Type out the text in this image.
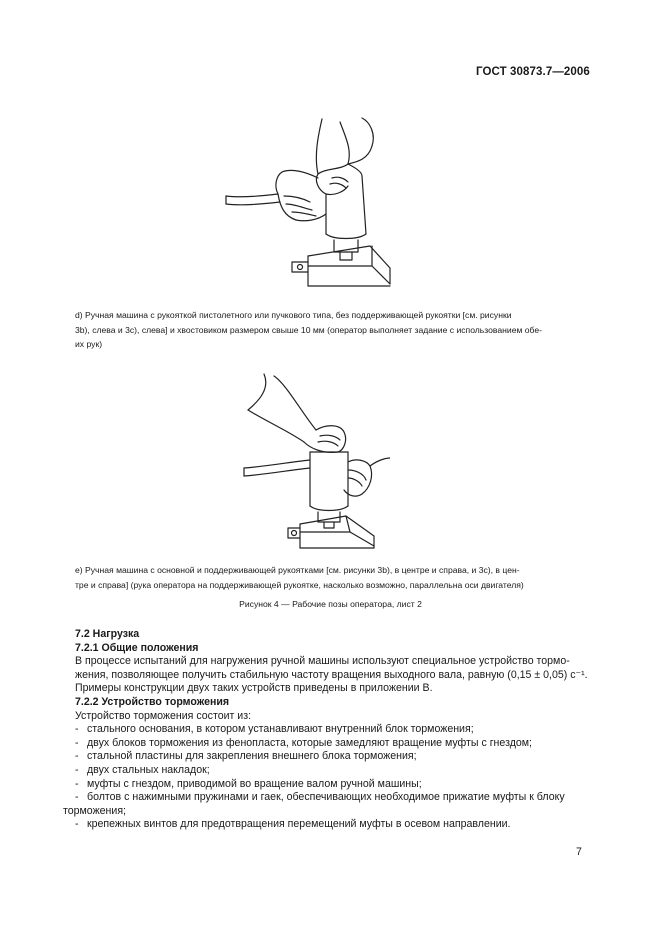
ГОСТ 30873.7—2006
d) Ручная машина с рукояткой пистолетного или пучкового типа, без поддерживающей рукоятки [см. рисунки
3b), слева и 3c), слева] и хвостовиком размером свыше 10 мм (оператор выполняет задание с использованием обе-
их рук)
e) Ручная машина с основной и поддерживающей рукоятками [см. рисунки 3b), в центре и справа, и 3c), в цен-
тре и справа] (рука оператора на поддерживающей рукоятке, насколько возможно, параллельна оси двигателя)
Рисунок 4 — Рабочие позы оператора, лист 2
7.2 Нагрузка
7.2.1 Общие положения
В процессе испытаний для нагружения ручной машины используют специальное устройство тормо-
жения, позволяющее получить стабильную частоту вращения выходного вала, равную (0,15 ± 0,05) с⁻¹.
Примеры конструкции двух таких устройств приведены в приложении В.
7.2.2 Устройство торможения
Устройство торможения состоит из:
- стального основания, в котором устанавливают внутренний блок торможения;
- двух блоков торможения из фенопласта, которые замедляют вращение муфты с гнездом;
- стальной пластины для закрепления внешнего блока торможения;
- двух стальных накладок;
- муфты с гнездом, приводимой во вращение валом ручной машины;
- болтов с нажимными пружинами и гаек, обеспечивающих необходимое прижатие муфты к блоку
торможения;
- крепежных винтов для предотвращения перемещений муфты в осевом направлении.
7
